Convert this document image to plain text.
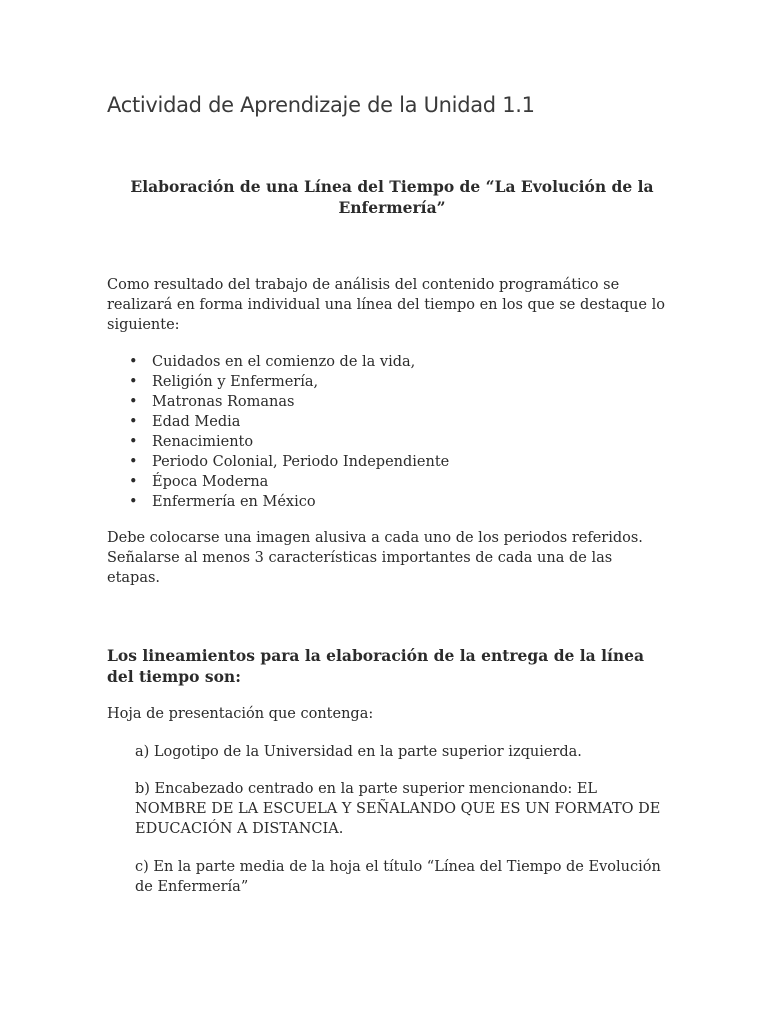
Actividad de Aprendizaje de la Unidad 1.1
Elaboración de una Línea del Tiempo de “La Evolución de la Enfermería”

Como resultado del trabajo de análisis del contenido programático se realizará en forma individual una línea del tiempo en los que se destaque lo siguiente:

• Cuidados en el comienzo de la vida,
• Religión y Enfermería,
• Matronas Romanas
• Edad Media
• Renacimiento
• Periodo Colonial, Periodo Independiente
• Época Moderna
• Enfermería en México

Debe colocarse una imagen alusiva a cada uno de los periodos referidos. Señalarse al menos 3 características importantes de cada una de las etapas.

Los lineamientos para la elaboración de la entrega de la línea del tiempo son:

Hoja de presentación que contenga:

a) Logotipo de la Universidad en la parte superior izquierda.

b) Encabezado centrado en la parte superior mencionando: EL NOMBRE DE LA ESCUELA Y SEÑALANDO QUE ES UN FORMATO DE EDUCACIÓN A DISTANCIA.

c) En la parte media de la hoja el título “Línea del Tiempo de Evolución de Enfermería”
